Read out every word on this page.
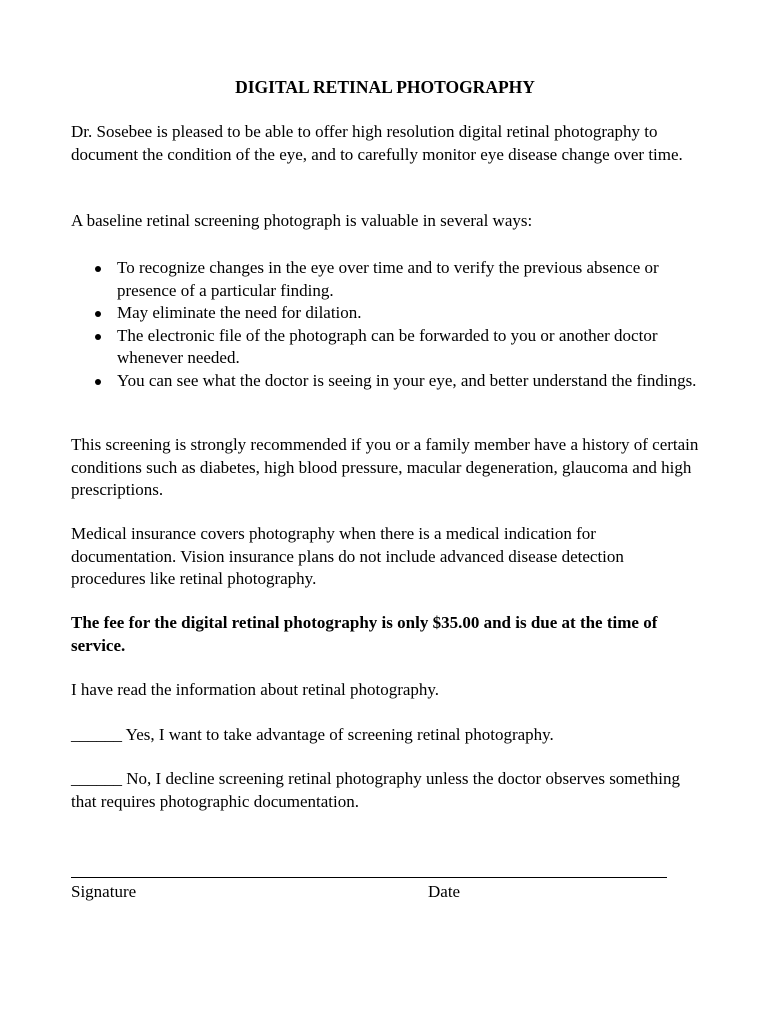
DIGITAL RETINAL PHOTOGRAPHY

Dr. Sosebee is pleased to be able to offer high resolution digital retinal photography to document the condition of the eye, and to carefully monitor eye disease change over time.

A baseline retinal screening photograph is valuable in several ways:

To recognize changes in the eye over time and to verify the previous absence or presence of a particular finding.
May eliminate the need for dilation.
The electronic file of the photograph can be forwarded to you or another doctor whenever needed.
You can see what the doctor is seeing in your eye, and better understand the findings.

This screening is strongly recommended if you or a family member have a history of certain conditions such as diabetes, high blood pressure, macular degeneration, glaucoma and high prescriptions.

Medical insurance covers photography when there is a medical indication for documentation. Vision insurance plans do not include advanced disease detection procedures like retinal photography.

The fee for the digital retinal photography is only $35.00 and is due at the time of service.

I have read the information about retinal photography.

______ Yes, I want to take advantage of screening retinal photography.

______ No, I decline screening retinal photography unless the doctor observes something that requires photographic documentation.

Signature	Date
